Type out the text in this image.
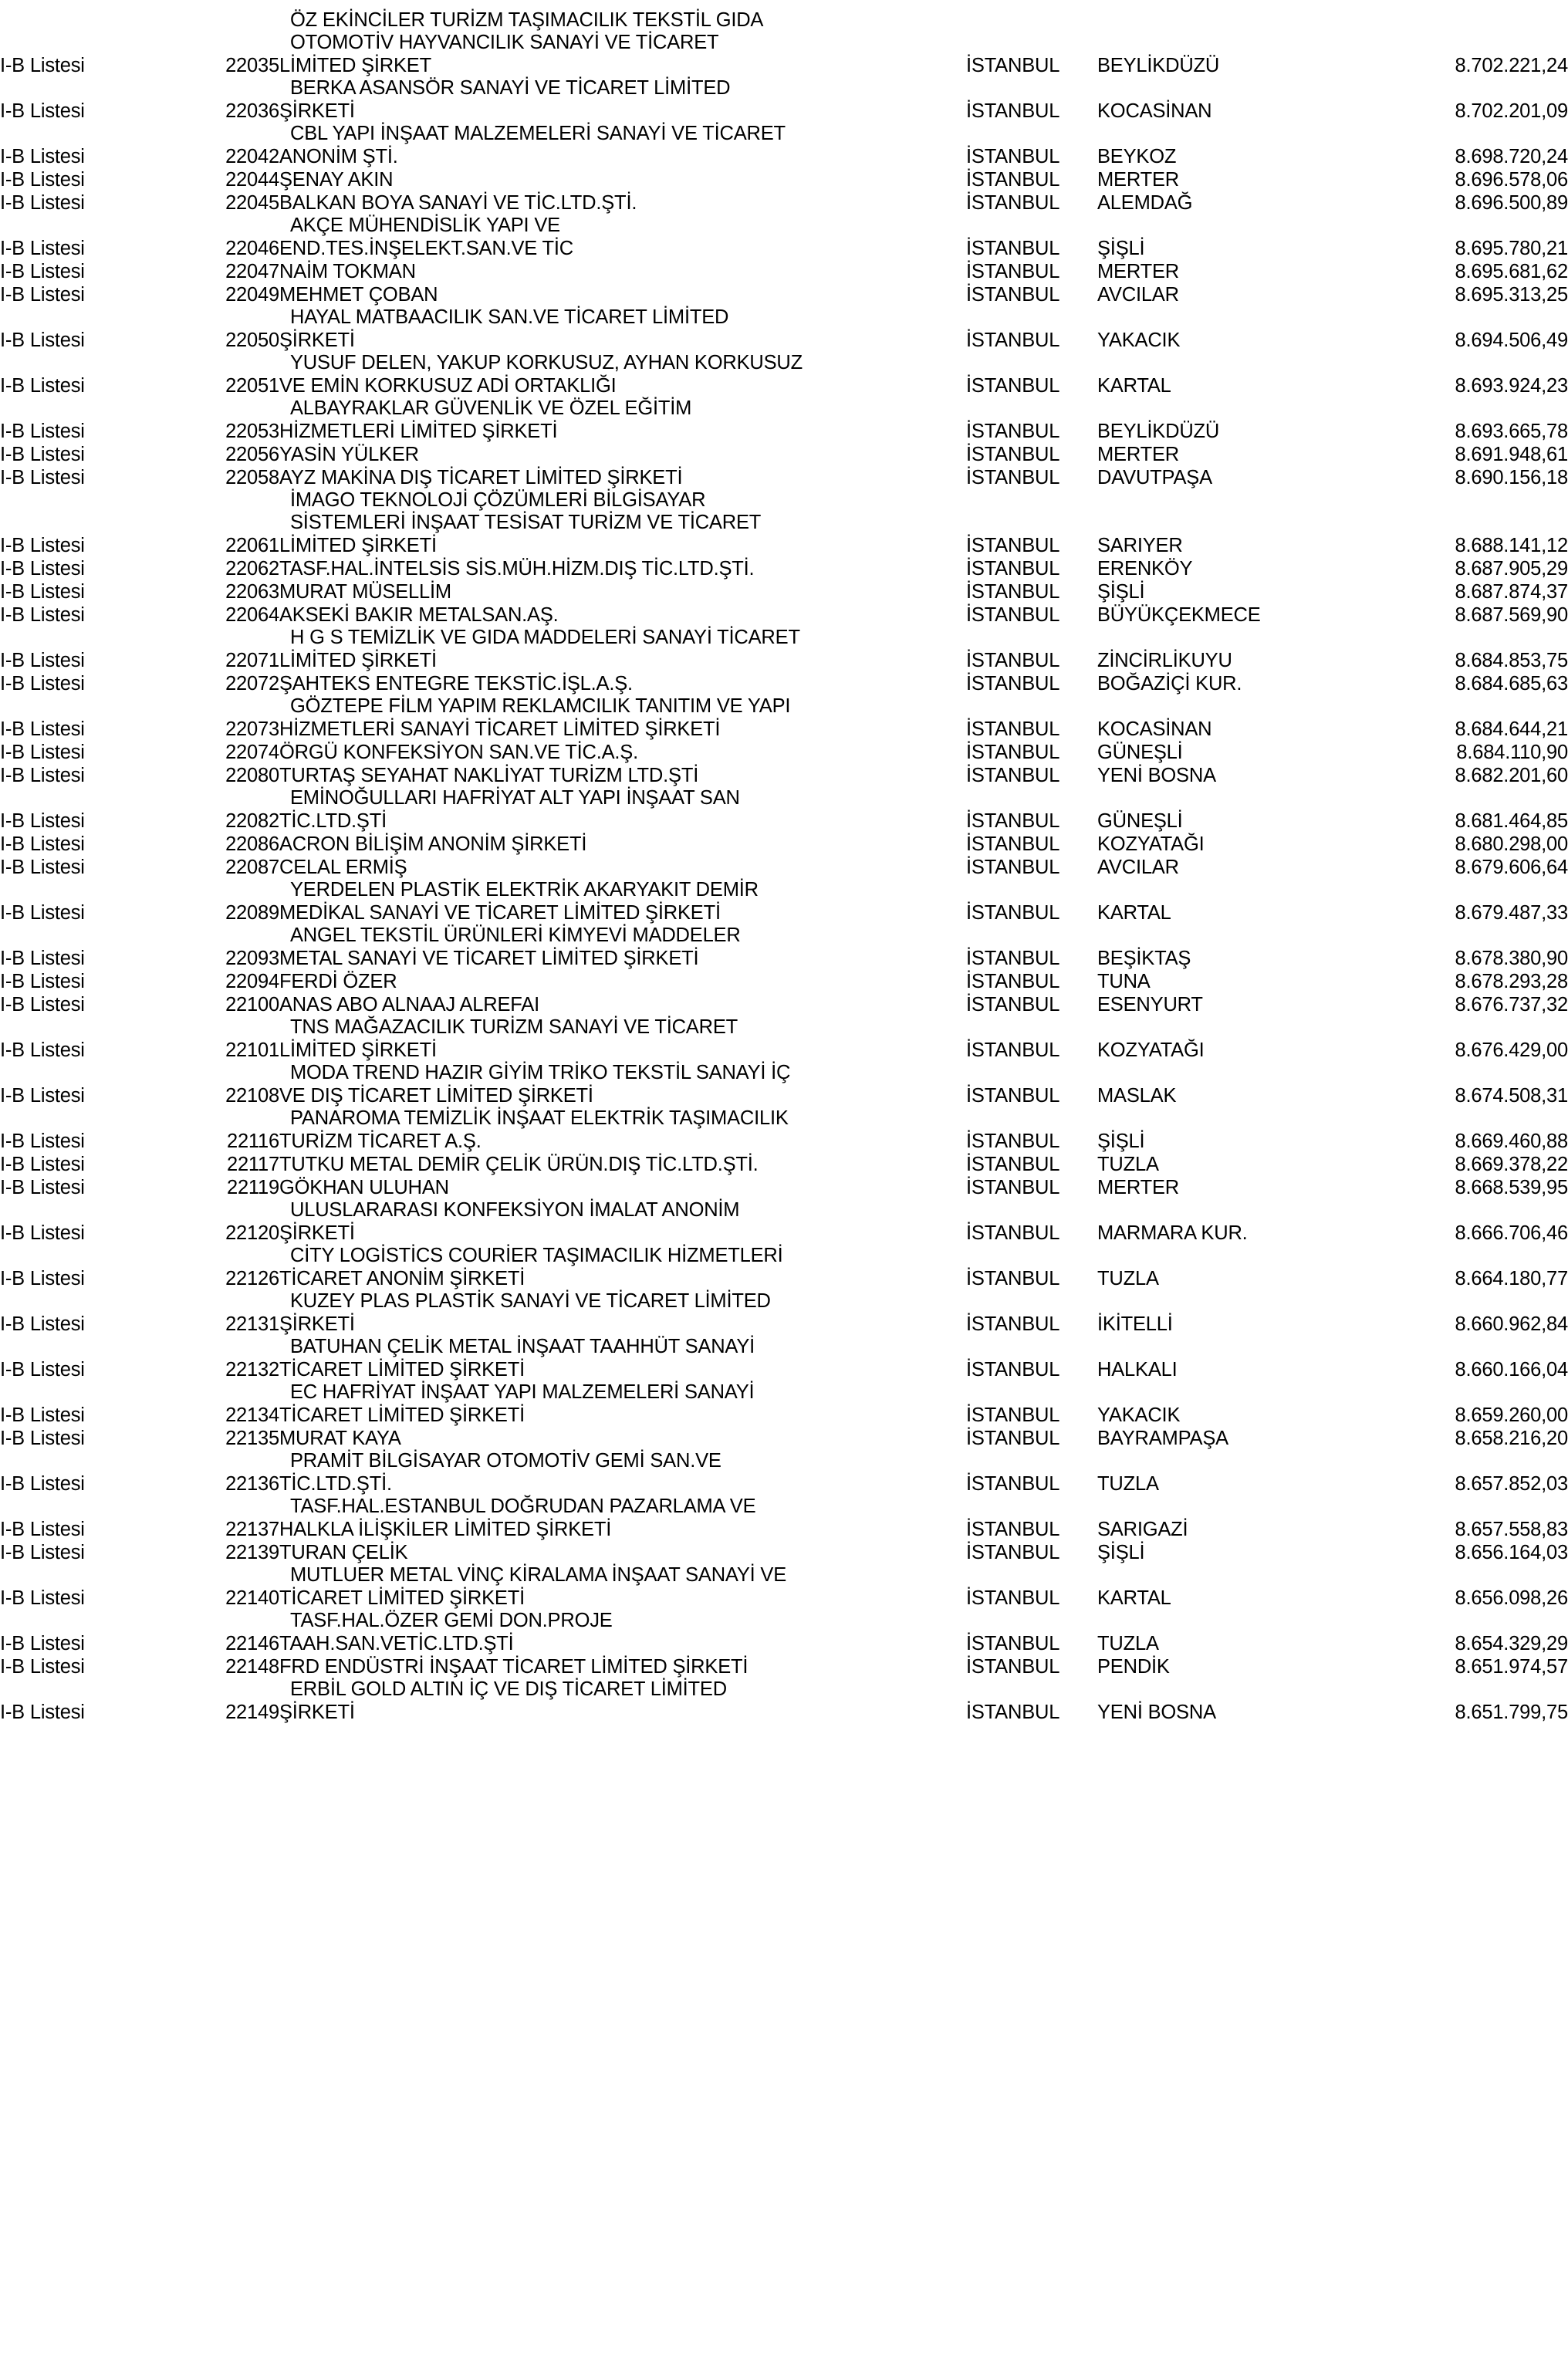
		ÖZ EKİNCİLER TURİZM TAŞIMACILIK TEKSTİL GIDA			
		OTOMOTİV HAYVANCILIK SANAYİ VE TİCARET			
I-B Listesi	22035	LİMİTED ŞİRKET	İSTANBUL	BEYLİKDÜZÜ	8.702.221,24
		BERKA ASANSÖR SANAYİ VE TİCARET LİMİTED			
I-B Listesi	22036	ŞİRKETİ	İSTANBUL	KOCASİNAN	8.702.201,09
		CBL YAPI İNŞAAT MALZEMELERİ SANAYİ VE TİCARET			
I-B Listesi	22042	ANONİM ŞTİ.	İSTANBUL	BEYKOZ	8.698.720,24
I-B Listesi	22044	ŞENAY AKIN	İSTANBUL	MERTER	8.696.578,06
I-B Listesi	22045	BALKAN BOYA SANAYİ VE TİC.LTD.ŞTİ.	İSTANBUL	ALEMDAĞ	8.696.500,89
		AKÇE MÜHENDİSLİK YAPI VE			
I-B Listesi	22046	END.TES.İNŞELEKT.SAN.VE TİC	İSTANBUL	ŞİŞLİ	8.695.780,21
I-B Listesi	22047	NAİM TOKMAN	İSTANBUL	MERTER	8.695.681,62
I-B Listesi	22049	MEHMET ÇOBAN	İSTANBUL	AVCILAR	8.695.313,25
		HAYAL MATBAACILIK SAN.VE TİCARET LİMİTED			
I-B Listesi	22050	ŞİRKETİ	İSTANBUL	YAKACIK	8.694.506,49
		YUSUF DELEN, YAKUP KORKUSUZ, AYHAN KORKUSUZ			
I-B Listesi	22051	VE EMİN KORKUSUZ ADİ ORTAKLIĞI	İSTANBUL	KARTAL	8.693.924,23
		ALBAYRAKLAR GÜVENLİK VE ÖZEL EĞİTİM			
I-B Listesi	22053	HİZMETLERİ LİMİTED ŞİRKETİ	İSTANBUL	BEYLİKDÜZÜ	8.693.665,78
I-B Listesi	22056	YASİN YÜLKER	İSTANBUL	MERTER	8.691.948,61
I-B Listesi	22058	AYZ MAKİNA DIŞ TİCARET LİMİTED ŞİRKETİ	İSTANBUL	DAVUTPAŞA	8.690.156,18
		İMAGO TEKNOLOJİ ÇÖZÜMLERİ BİLGİSAYAR			
		SİSTEMLERİ İNŞAAT TESİSAT TURİZM VE TİCARET			
I-B Listesi	22061	LİMİTED ŞİRKETİ	İSTANBUL	SARIYER	8.688.141,12
I-B Listesi	22062	TASF.HAL.İNTELSİS SİS.MÜH.HİZM.DIŞ TİC.LTD.ŞTİ.	İSTANBUL	ERENKÖY	8.687.905,29
I-B Listesi	22063	MURAT MÜSELLİM	İSTANBUL	ŞİŞLİ	8.687.874,37
I-B Listesi	22064	AKSEKİ BAKIR METALSAN.AŞ.	İSTANBUL	BÜYÜKÇEKMECE	8.687.569,90
		H G S TEMİZLİK VE GIDA MADDELERİ SANAYİ TİCARET			
I-B Listesi	22071	LİMİTED ŞİRKETİ	İSTANBUL	ZİNCİRLİKUYU	8.684.853,75
I-B Listesi	22072	ŞAHTEKS ENTEGRE TEKSTİC.İŞL.A.Ş.	İSTANBUL	BOĞAZİÇİ KUR.	8.684.685,63
		GÖZTEPE FİLM YAPIM REKLAMCILIK TANITIM VE YAPI			
I-B Listesi	22073	HİZMETLERİ SANAYİ TİCARET LİMİTED ŞİRKETİ	İSTANBUL	KOCASİNAN	8.684.644,21
I-B Listesi	22074	ÖRGÜ KONFEKSİYON SAN.VE TİC.A.Ş.	İSTANBUL	GÜNEŞLİ	8.684.110,90
I-B Listesi	22080	TURTAŞ SEYAHAT NAKLİYAT TURİZM LTD.ŞTİ	İSTANBUL	YENİ BOSNA	8.682.201,60
		EMİNOĞULLARI HAFRİYAT ALT YAPI İNŞAAT SAN			
I-B Listesi	22082	TİC.LTD.ŞTİ	İSTANBUL	GÜNEŞLİ	8.681.464,85
I-B Listesi	22086	ACRON BİLİŞİM ANONİM ŞİRKETİ	İSTANBUL	KOZYATAĞI	8.680.298,00
I-B Listesi	22087	CELAL ERMİŞ	İSTANBUL	AVCILAR	8.679.606,64
		YERDELEN PLASTİK ELEKTRİK AKARYAKIT DEMİR			
I-B Listesi	22089	MEDİKAL SANAYİ VE TİCARET LİMİTED ŞİRKETİ	İSTANBUL	KARTAL	8.679.487,33
		ANGEL TEKSTİL ÜRÜNLERİ KİMYEVİ MADDELER			
I-B Listesi	22093	METAL SANAYİ VE TİCARET LİMİTED ŞİRKETİ	İSTANBUL	BEŞİKTAŞ	8.678.380,90
I-B Listesi	22094	FERDİ ÖZER	İSTANBUL	TUNA	8.678.293,28
I-B Listesi	22100	ANAS ABO ALNAAJ ALREFAI	İSTANBUL	ESENYURT	8.676.737,32
		TNS MAĞAZACILIK TURİZM SANAYİ VE TİCARET			
I-B Listesi	22101	LİMİTED ŞİRKETİ	İSTANBUL	KOZYATAĞI	8.676.429,00
		MODA TREND HAZIR GİYİM TRİKO TEKSTİL SANAYİ İÇ			
I-B Listesi	22108	VE DIŞ TİCARET LİMİTED ŞİRKETİ	İSTANBUL	MASLAK	8.674.508,31
		PANAROMA TEMİZLİK İNŞAAT ELEKTRİK TAŞIMACILIK			
I-B Listesi	22116	TURİZM TİCARET A.Ş.	İSTANBUL	ŞİŞLİ	8.669.460,88
I-B Listesi	22117	TUTKU METAL DEMİR ÇELİK ÜRÜN.DIŞ TİC.LTD.ŞTİ.	İSTANBUL	TUZLA	8.669.378,22
I-B Listesi	22119	GÖKHAN ULUHAN	İSTANBUL	MERTER	8.668.539,95
		ULUSLARARASI KONFEKSİYON İMALAT ANONİM			
I-B Listesi	22120	ŞİRKETİ	İSTANBUL	MARMARA KUR.	8.666.706,46
		CİTY LOGİSTİCS COURİER TAŞIMACILIK HİZMETLERİ			
I-B Listesi	22126	TİCARET ANONİM ŞİRKETİ	İSTANBUL	TUZLA	8.664.180,77
		KUZEY PLAS PLASTİK SANAYİ VE TİCARET LİMİTED			
I-B Listesi	22131	ŞİRKETİ	İSTANBUL	İKİTELLİ	8.660.962,84
		BATUHAN ÇELİK METAL İNŞAAT TAAHHÜT SANAYİ			
I-B Listesi	22132	TİCARET LİMİTED ŞİRKETİ	İSTANBUL	HALKALI	8.660.166,04
		EC HAFRİYAT İNŞAAT YAPI MALZEMELERİ SANAYİ			
I-B Listesi	22134	TİCARET LİMİTED ŞİRKETİ	İSTANBUL	YAKACIK	8.659.260,00
I-B Listesi	22135	MURAT KAYA	İSTANBUL	BAYRAMPAŞA	8.658.216,20
		PRAMİT BİLGİSAYAR OTOMOTİV GEMİ SAN.VE			
I-B Listesi	22136	TİC.LTD.ŞTİ.	İSTANBUL	TUZLA	8.657.852,03
		TASF.HAL.ESTANBUL DOĞRUDAN PAZARLAMA VE			
I-B Listesi	22137	HALKLA İLİŞKİLER LİMİTED ŞİRKETİ	İSTANBUL	SARIGAZİ	8.657.558,83
I-B Listesi	22139	TURAN ÇELİK	İSTANBUL	ŞİŞLİ	8.656.164,03
		MUTLUER METAL VİNÇ KİRALAMA İNŞAAT SANAYİ VE			
I-B Listesi	22140	TİCARET LİMİTED ŞİRKETİ	İSTANBUL	KARTAL	8.656.098,26
		TASF.HAL.ÖZER GEMİ DON.PROJE			
I-B Listesi	22146	TAAH.SAN.VETİC.LTD.ŞTİ	İSTANBUL	TUZLA	8.654.329,29
I-B Listesi	22148	FRD ENDÜSTRİ İNŞAAT TİCARET LİMİTED ŞİRKETİ	İSTANBUL	PENDİK	8.651.974,57
		ERBİL GOLD ALTIN İÇ VE DIŞ TİCARET LİMİTED			
I-B Listesi	22149	ŞİRKETİ	İSTANBUL	YENİ BOSNA	8.651.799,75
